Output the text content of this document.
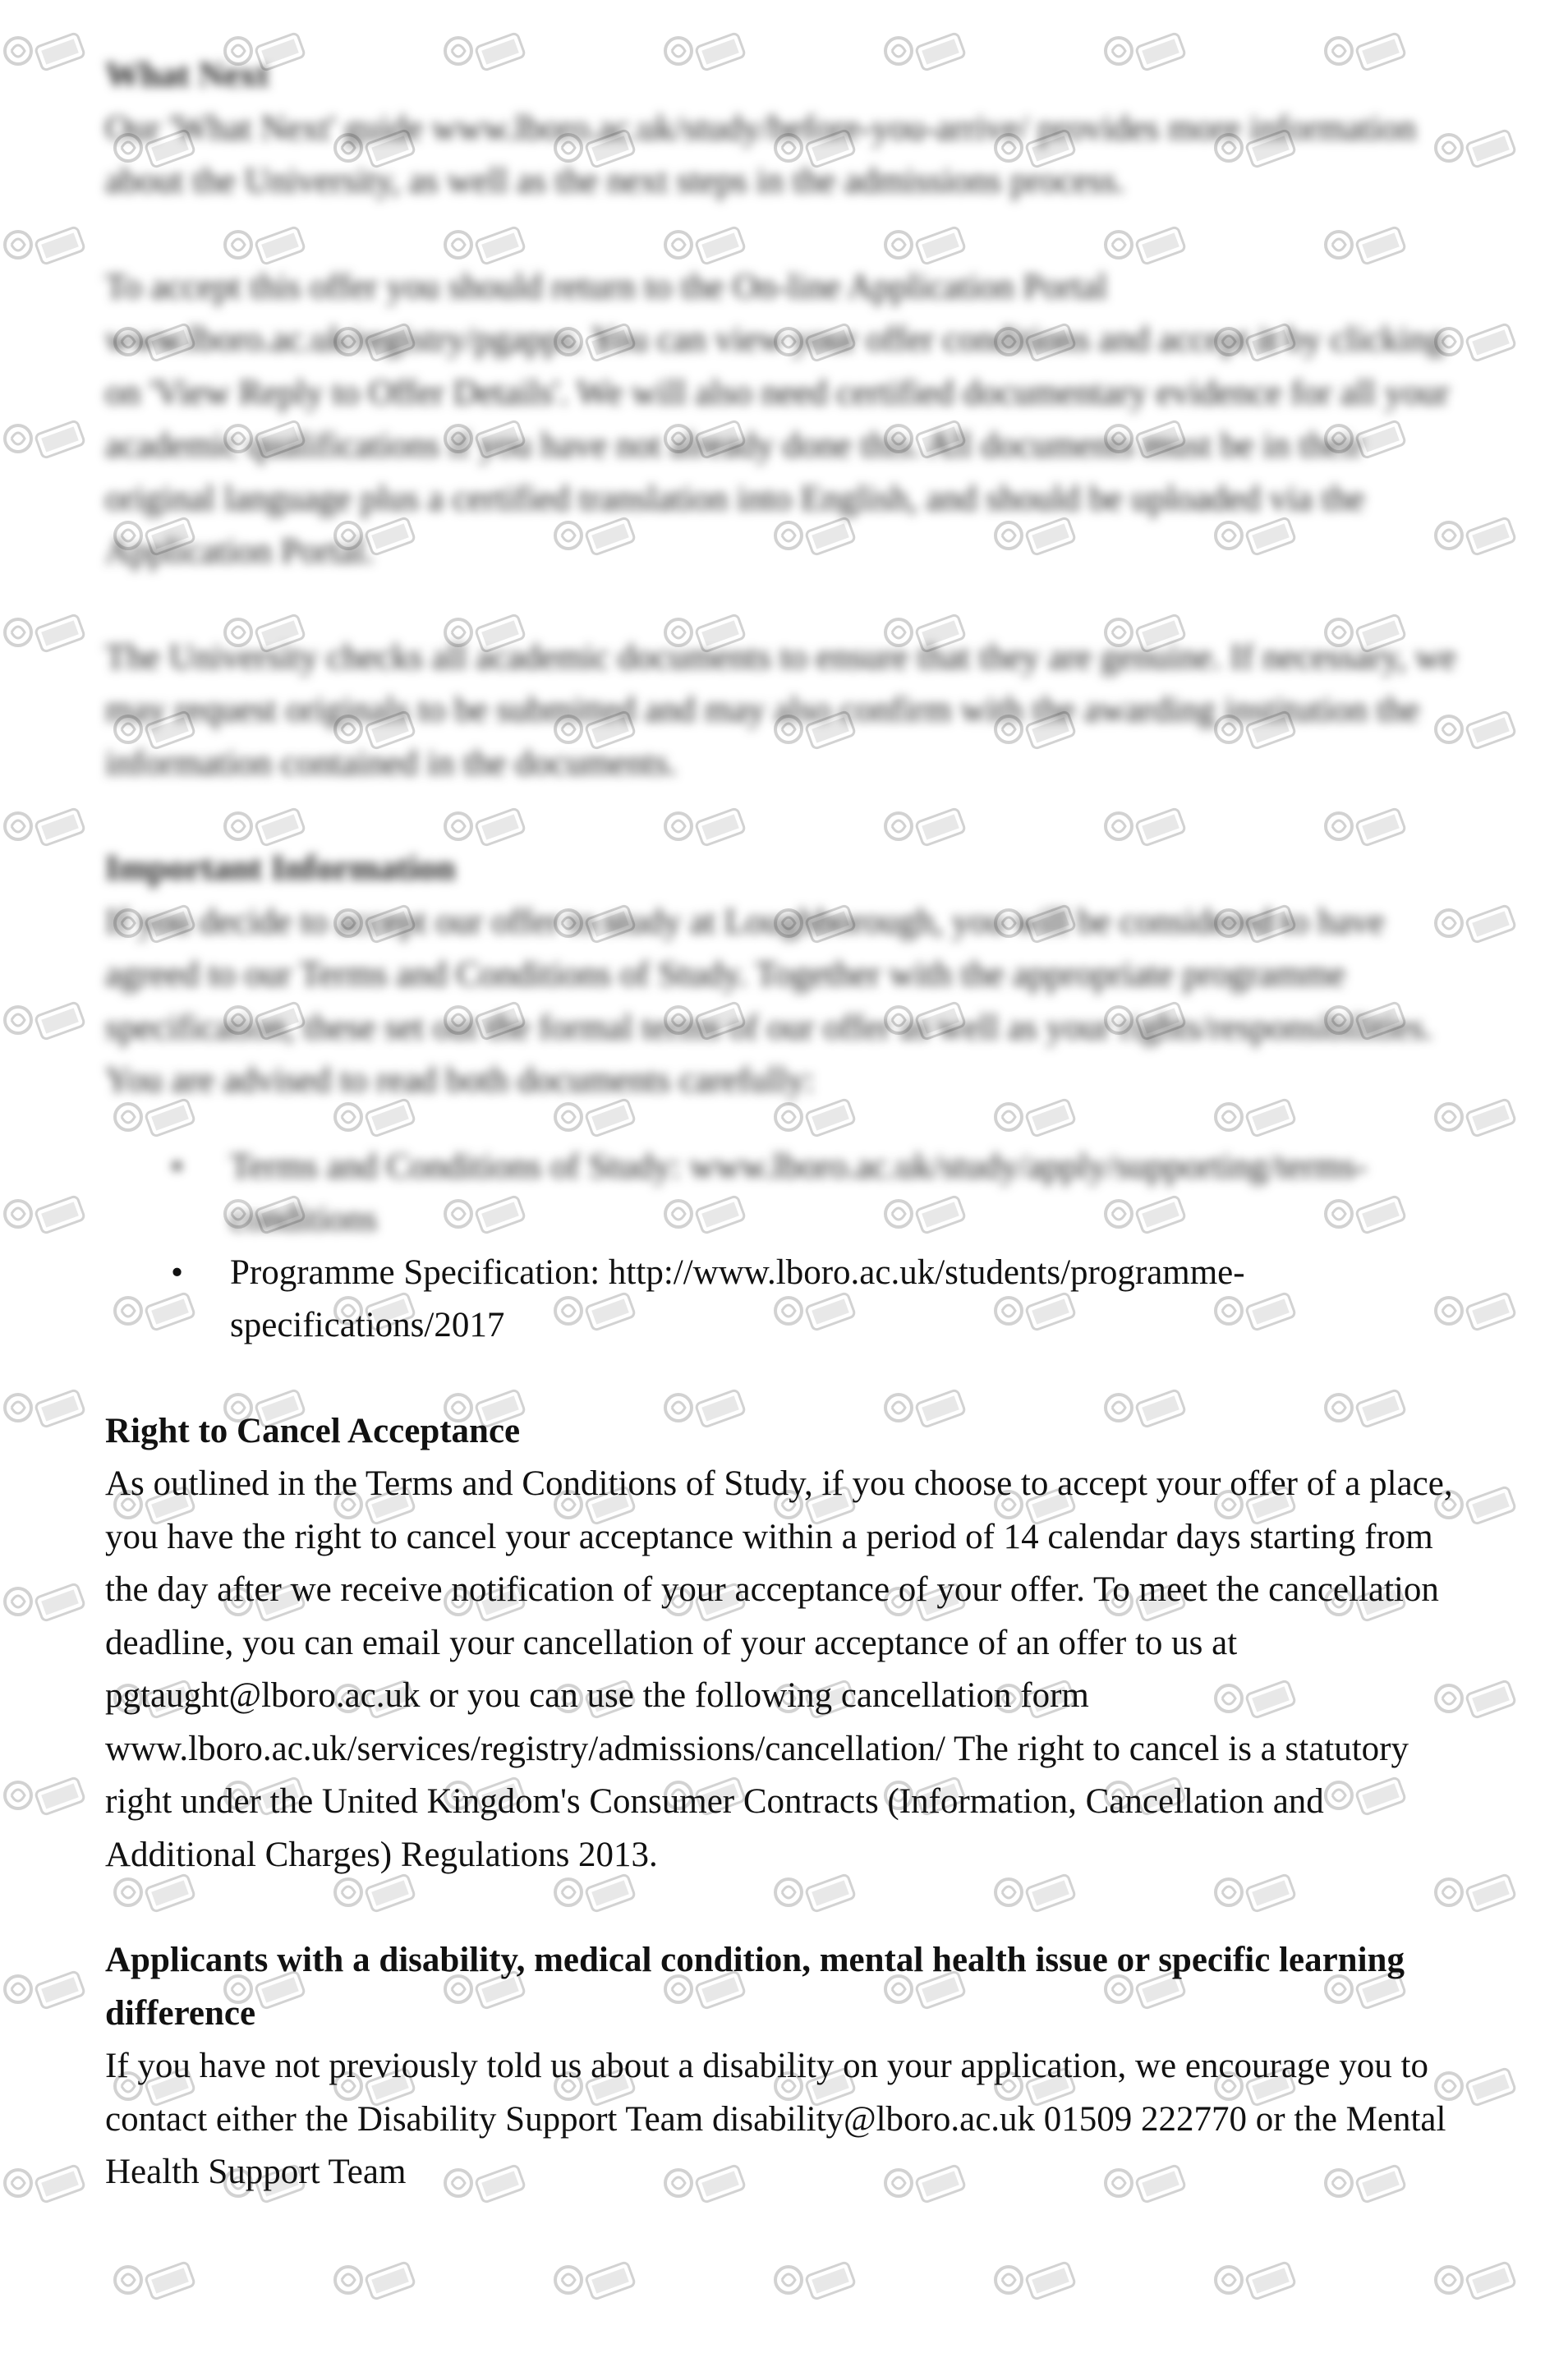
What Next

Our 'What Next' guide www.lboro.ac.uk/study/before-you-arrive/ provides more information about the University, as well as the next steps in the admissions process.

To accept this offer you should return to the On-line Application Portal www.lboro.ac.uk/registry/pgapps. You can view your offer conditions and accept it by clicking on 'View Reply to Offer Details'. We will also need certified documentary evidence for all your academic qualifications if you have not already done this. All documents must be in their original language plus a certified translation into English, and should be uploaded via the Application Portal.

The University checks all academic documents to ensure that they are genuine. If necessary, we may request originals to be submitted and may also confirm with the awarding institution the information contained in the documents.

Important Information

If you decide to accept our offer to study at Loughborough, you will be considered to have agreed to our Terms and Conditions of Study. Together with the appropriate programme specification, these set out the formal terms of our offer as well as your rights/responsibilities. You are advised to read both documents carefully:

• Terms and Conditions of Study: www.lboro.ac.uk/study/apply/supporting/terms-conditions
• Programme Specification: http://www.lboro.ac.uk/students/programme-specifications/2017

Right to Cancel Acceptance

As outlined in the Terms and Conditions of Study, if you choose to accept your offer of a place, you have the right to cancel your acceptance within a period of 14 calendar days starting from the day after we receive notification of your acceptance of your offer. To meet the cancellation deadline, you can email your cancellation of your acceptance of an offer to us at pgtaught@lboro.ac.uk or you can use the following cancellation form www.lboro.ac.uk/services/registry/admissions/cancellation/ The right to cancel is a statutory right under the United Kingdom's Consumer Contracts (Information, Cancellation and Additional Charges) Regulations 2013.

Applicants with a disability, medical condition, mental health issue or specific learning difference

If you have not previously told us about a disability on your application, we encourage you to contact either the Disability Support Team disability@lboro.ac.uk 01509 222770 or the Mental Health Support Team
